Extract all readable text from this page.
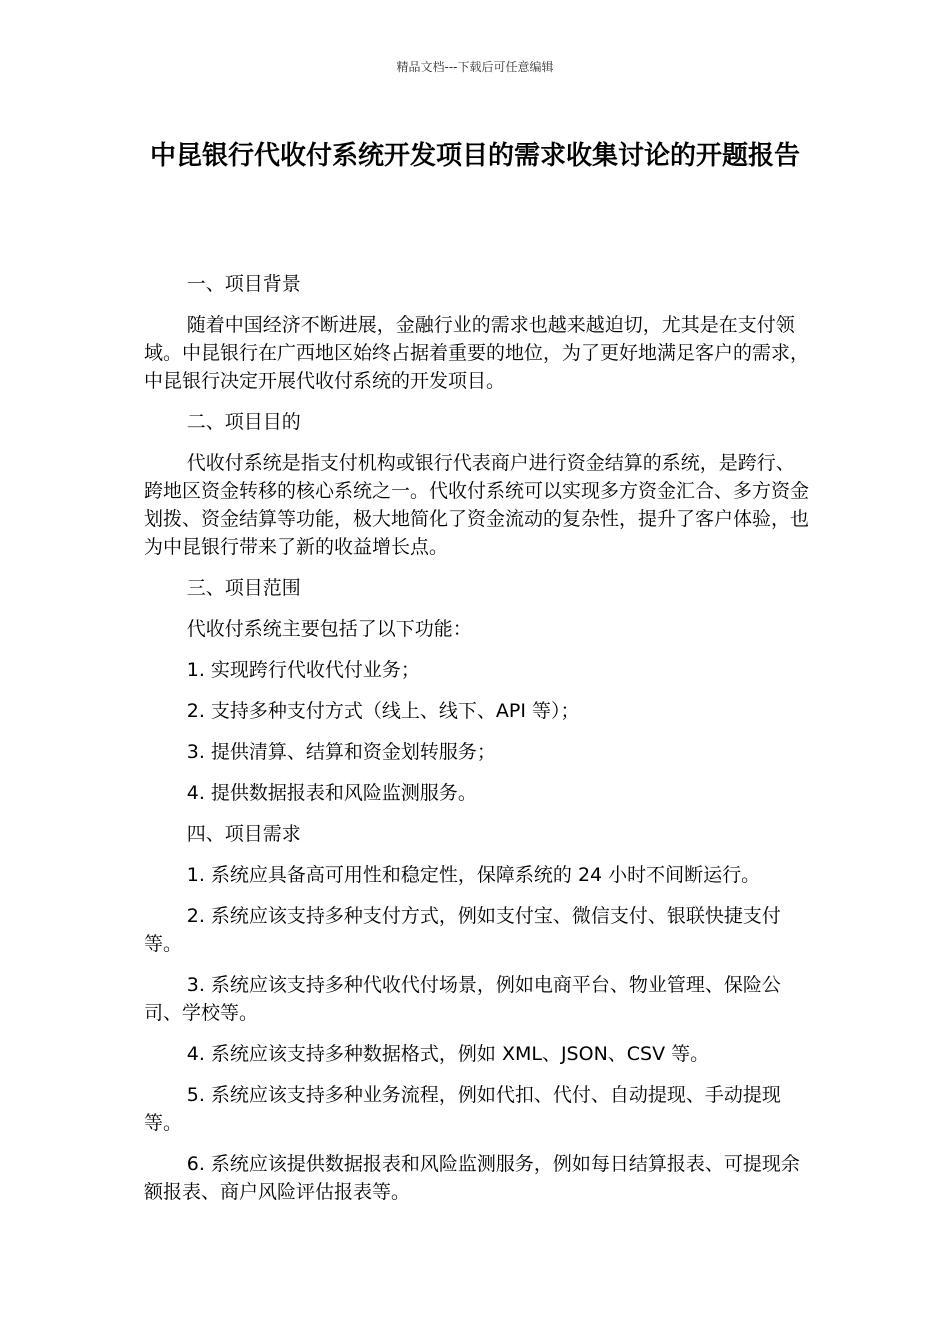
精品文档---下载后可任意编辑
中昆银行代收付系统开发项目的需求收集讨论的开题报告

一、项目背景

随着中国经济不断进展，金融行业的需求也越来越迫切，尤其是在支付领域。中昆银行在广西地区始终占据着重要的地位，为了更好地满足客户的需求，中昆银行决定开展代收付系统的开发项目。

二、项目目的

代收付系统是指支付机构或银行代表商户进行资金结算的系统，是跨行、跨地区资金转移的核心系统之一。代收付系统可以实现多方资金汇合、多方资金划拨、资金结算等功能，极大地简化了资金流动的复杂性，提升了客户体验，也为中昆银行带来了新的收益增长点。

三、项目范围

代收付系统主要包括了以下功能：

1. 实现跨行代收代付业务；

2. 支持多种支付方式（线上、线下、API 等）；

3. 提供清算、结算和资金划转服务；

4. 提供数据报表和风险监测服务。

四、项目需求

1. 系统应具备高可用性和稳定性，保障系统的 24 小时不间断运行。

2. 系统应该支持多种支付方式，例如支付宝、微信支付、银联快捷支付等。

3. 系统应该支持多种代收代付场景，例如电商平台、物业管理、保险公司、学校等。

4. 系统应该支持多种数据格式，例如 XML、JSON、CSV 等。

5. 系统应该支持多种业务流程，例如代扣、代付、自动提现、手动提现等。

6. 系统应该提供数据报表和风险监测服务，例如每日结算报表、可提现余额报表、商户风险评估报表等。
